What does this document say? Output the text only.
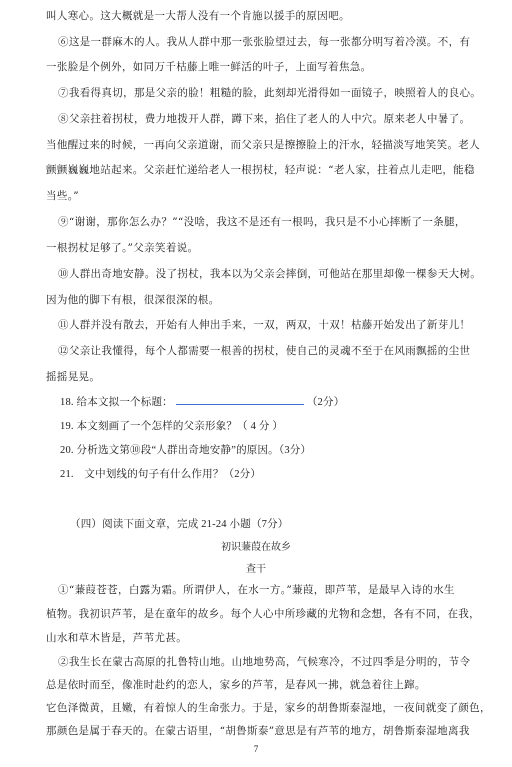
叫人寒心。这大概就是一大帮人没有一个肯施以援手的原因吧。
⑥这是一群麻木的人。我从人群中那一张张脸望过去，每一张都分明写着冷漠。不，有
一张脸是个例外，如同万千枯藤上唯一鲜活的叶子，上面写着焦急。
⑦我看得真切，那是父亲的脸！粗糙的脸，此刻却光滑得如一面镜子，映照着人的良心。
⑧父亲拄着拐杖，费力地拨开人群，蹲下来，掐住了老人的人中穴。原来老人中暑了。
当他醒过来的时候，一再向父亲道谢，而父亲只是擦擦脸上的汗水，轻描淡写地笑笑。老人
颤颤巍巍地站起来。父亲赶忙递给老人一根拐杖，轻声说：“老人家，拄着点儿走吧，能稳
当些。”
⑨“谢谢，那你怎么办？”“没啥，我这不是还有一根吗，我只是不小心摔断了一条腿，
一根拐杖足够了。”父亲笑着说。
⑩人群出奇地安静。没了拐杖，我本以为父亲会摔倒，可他站在那里却像一棵参天大树。
因为他的脚下有根，很深很深的根。
⑪人群并没有散去，开始有人伸出手来，一双，两双，十双！枯藤开始发出了新芽儿！
⑫父亲让我懂得，每个人都需要一根善的拐杖，使自己的灵魂不至于在风雨飘摇的尘世
摇摇晃晃。
18. 给本文拟一个标题：	（2分）
19. 本文刻画了一个怎样的父亲形象？（ 4 分 ）
20. 分析选文第⑩段“人群出奇地安静”的原因。（3分）
21.　文中划线的句子有什么作用？（2分）
（四）阅读下面文章，完成 21-24 小题（7分）
初识蒹葭在故乡
查干
①“蒹葭苍苍，白露为霜。所谓伊人，在水一方。”蒹葭，即芦苇，是最早入诗的水生
植物。我初识芦苇，是在童年的故乡。每个人心中所珍藏的尤物和念想，各有不同，在我，
山水和草木皆是，芦苇尤甚。
②我生长在蒙古高原的扎鲁特山地。山地地势高，气候寒冷，不过四季是分明的，节令
总是依时而至，像准时赴约的恋人，家乡的芦苇，是春风一拂，就急着往上蹿。
它色泽微黄，且嫩，有着惊人的生命张力。于是，家乡的胡鲁斯泰湿地，一夜间就变了颜色，
那颜色是属于春天的。在蒙古语里，“胡鲁斯泰”意思是有芦苇的地方，胡鲁斯泰湿地离我
7
